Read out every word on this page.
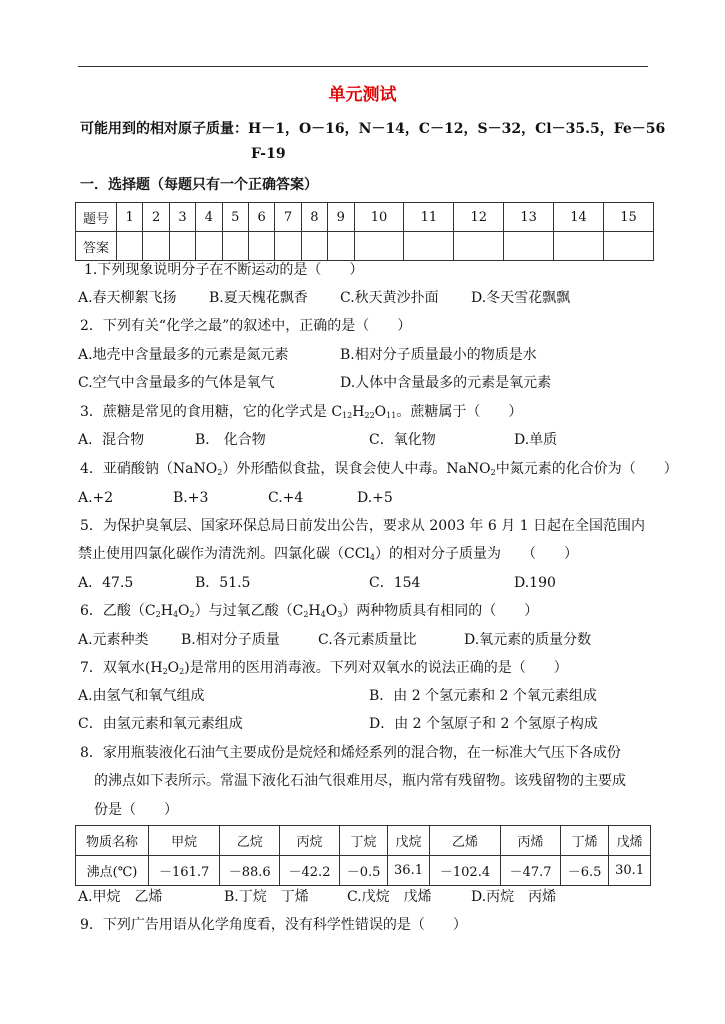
单元测试
可能用到的相对原子质量：H－1，O－16，N－14，C－12，S－32，Cl－35.5，Fe－56
F-19
一．选择题（每题只有一个正确答案）
题号	1	2	3	4	5	6	7	8	9	10	11	12	13	14	15
答案															
1.下列现象说明分子在不断运动的是（　　）
A.春天柳絮飞扬 B.夏天槐花飘香 C.秋天黄沙扑面 D.冬天雪花飘飘
2．下列有关“化学之最”的叙述中，正确的是（　　）
A.地壳中含量最多的元素是氮元素	B.相对分子质量最小的物质是水
C.空气中含量最多的气体是氧气	D.人体中含量最多的元素是氧元素
3．蔗糖是常见的食用糖，它的化学式是 $C_{12}H_{22}O_{11}$。蔗糖属于（　　）
A．混合物	B． 化合物	C．氧化物	D.单质
4．亚硝酸钠（NaNO$_2$）外形酷似食盐，误食会使人中毒。NaNO$_2$中氮元素的化合价为（　　）
A.+2	B.+3	C.+4	D.+5
5．为保护臭氧层、国家环保总局日前发出公告，要求从 2003 年 6 月 1 日起在全国范围内
禁止使用四氯化碳作为清洗剂。四氯化碳（CCl$_4$）的相对分子质量为　　（　　）
A．47.5	B．51.5	C．154	D.190
6．乙酸$(C_2H_4O_2)$与过氧乙酸$(C_2H_4O_3)$两种物质具有相同的（　　）
A.元素种类 B.相对分子质量	C.各元素质量比	D.氧元素的质量分数
7．双氧水$(H_2O_2)$是常用的医用消毒液。下列对双氧水的说法正确的是（　　）
A.由氢气和氧气组成	B．由 2 个氢元素和 2 个氧元素组成
C．由氢元素和氧元素组成	D．由 2 个氢原子和 2 个氢原子构成
8．家用瓶装液化石油气主要成份是烷烃和烯烃系列的混合物，在一标准大气压下各成份
的沸点如下表所示。常温下液化石油气很难用尽，瓶内常有残留物。该残留物的主要成
份是（　　）
物质名称	甲烷	乙烷	丙烷	丁烷	戊烷	乙烯	丙烯	丁烯	戊烯
沸点(℃)	－161.7	－88.6	－42.2	－0.5	36.1	－102.4	－47.7	－6.5	30.1
A.甲烷　乙烯	B.丁烷　丁烯	C.戊烷　戊烯	D.丙烷　丙烯
9．下列广告用语从化学角度看，没有科学性错误的是（　　）
